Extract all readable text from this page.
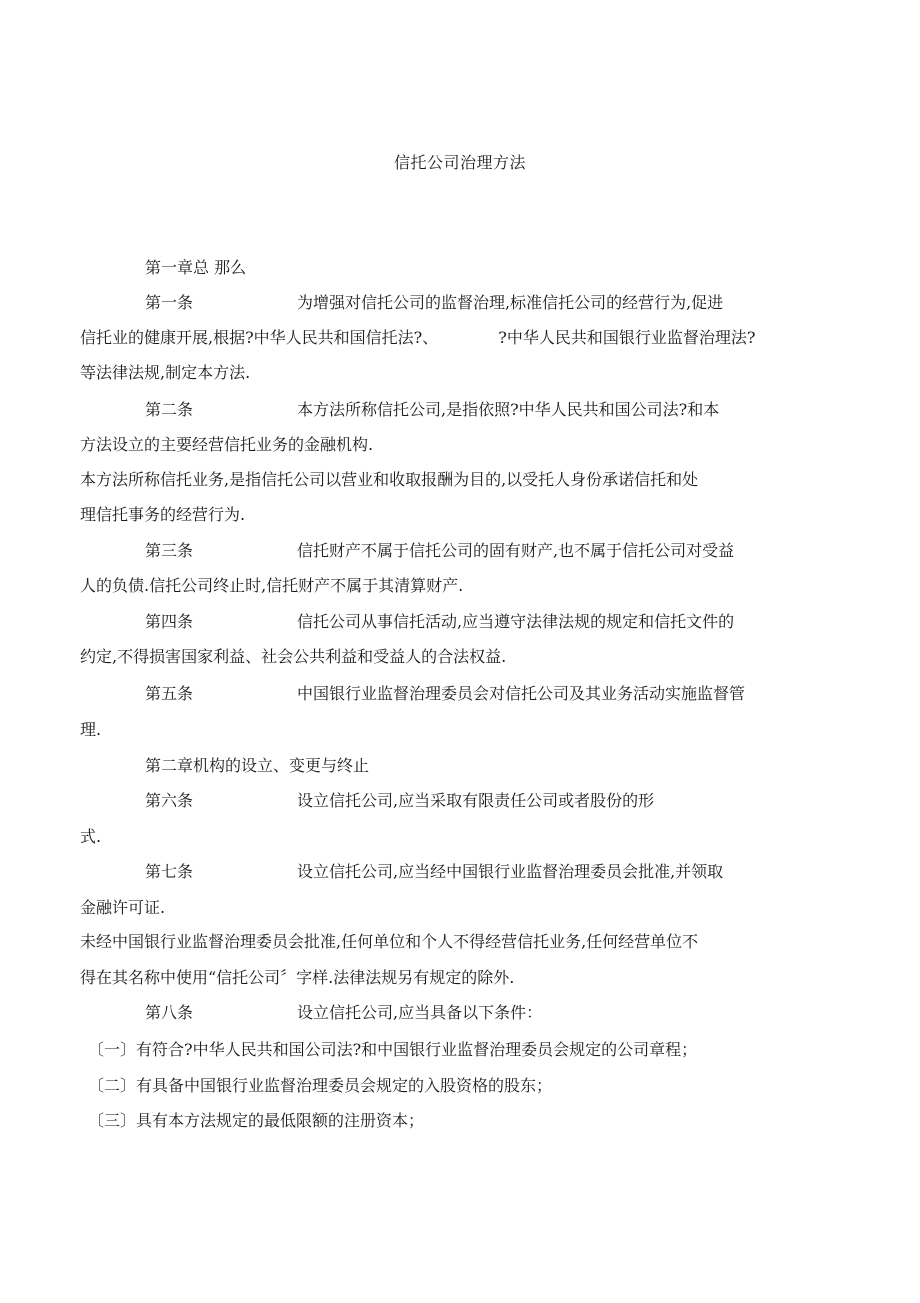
信托公司治理方法
第一章总 那么
第一条	为增强对信托公司的监督治理,标准信托公司的经营行为,促进
信托业的健康开展,根据?中华人民共和国信托法?、	?中华人民共和国银行业监督治理法?
等法律法规,制定本方法.
第二条	本方法所称信托公司,是指依照?中华人民共和国公司法?和本
方法设立的主要经营信托业务的金融机构.
本方法所称信托业务,是指信托公司以营业和收取报酬为目的,以受托人身份承诺信托和处
理信托事务的经营行为.
第三条	信托财产不属于信托公司的固有财产,也不属于信托公司对受益
人的负债.信托公司终止时,信托财产不属于其清算财产.
第四条	信托公司从事信托活动,应当遵守法律法规的规定和信托文件的
约定,不得损害国家利益、社会公共利益和受益人的合法权益.
第五条	中国银行业监督治理委员会对信托公司及其业务活动实施监督管
理.
第二章机构的设立、变更与终止
第六条	设立信托公司,应当采取有限责任公司或者股份的形
式.
第七条	设立信托公司,应当经中国银行业监督治理委员会批准,并领取
金融许可证.
未经中国银行业监督治理委员会批准,任何单位和个人不得经营信托业务,任何经营单位不
得在其名称中使用“信托公司〞字样.法律法规另有规定的除外.
第八条	设立信托公司,应当具备以下条件：
〔一〕有符合?中华人民共和国公司法?和中国银行业监督治理委员会规定的公司章程；
〔二〕有具备中国银行业监督治理委员会规定的入股资格的股东；
〔三〕具有本方法规定的最低限额的注册资本；
